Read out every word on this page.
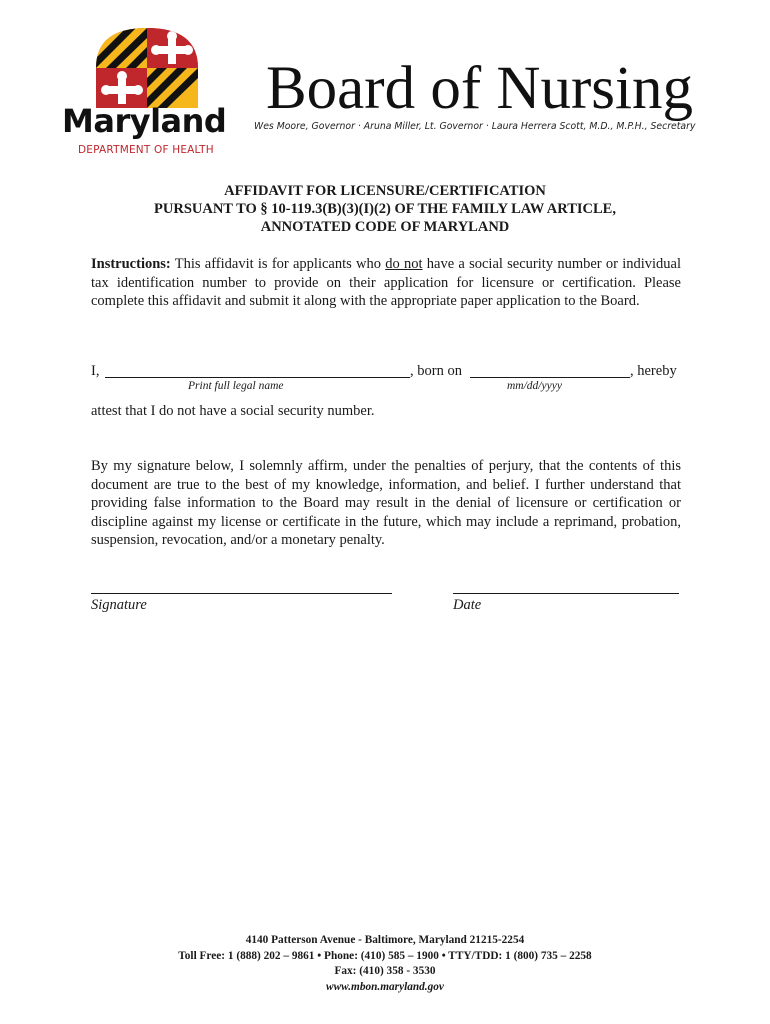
Maryland
DEPARTMENT OF HEALTH
Board of Nursing
Wes Moore, Governor · Aruna Miller, Lt. Governor · Laura Herrera Scott, M.D., M.P.H., Secretary
AFFIDAVIT FOR LICENSURE/CERTIFICATION
PURSUANT TO § 10-119.3(B)(3)(I)(2) OF THE FAMILY LAW ARTICLE,
ANNOTATED CODE OF MARYLAND
Instructions: This affidavit is for applicants who do not have a social security number or individual tax identification number to provide on their application for licensure or certification. Please complete this affidavit and submit it along with the appropriate paper application to the Board.
I,	, born on	, hereby
Print full legal name	mm/dd/yyyy
attest that I do not have a social security number.
By my signature below, I solemnly affirm, under the penalties of perjury, that the contents of this document are true to the best of my knowledge, information, and belief. I further understand that providing false information to the Board may result in the denial of licensure or certification or discipline against my license or certificate in the future, which may include a reprimand, probation, suspension, revocation, and/or a monetary penalty.
Signature	Date
4140 Patterson Avenue - Baltimore, Maryland 21215-2254
Toll Free: 1 (888) 202 – 9861 • Phone: (410) 585 – 1900 • TTY/TDD: 1 (800) 735 – 2258
Fax: (410) 358 - 3530
www.mbon.maryland.gov
